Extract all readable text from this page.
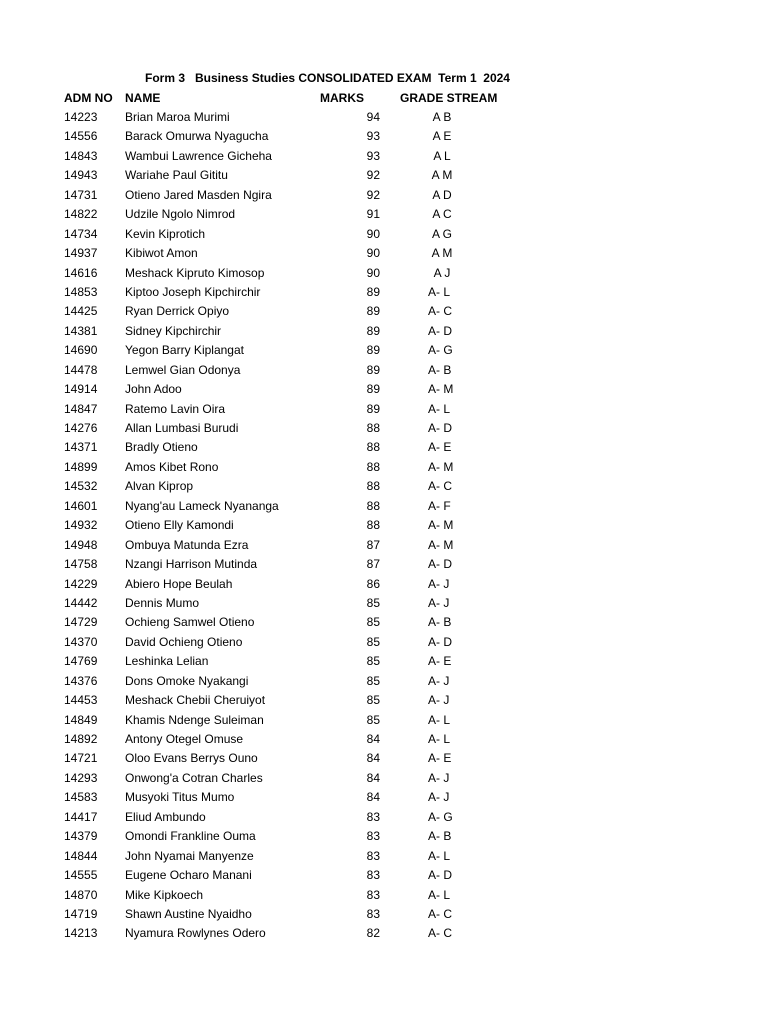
Form 3   Business Studies CONSOLIDATED EXAM  Term 1  2024
ADM NO NAME	MARKS	GRADE STREAM
14223 Brian Maroa Murimi	94	A B
14556 Barack Omurwa Nyagucha	93	A E
14843 Wambui Lawrence Gicheha	93	A L
14943 Wariahe Paul Gititu	92	A M
14731 Otieno Jared Masden Ngira	92	A D
14822 Udzile Ngolo Nimrod	91	A C
14734 Kevin Kiprotich	90	A G
14937 Kibiwot Amon	90	A M
14616 Meshack Kipruto Kimosop	90	A J
14853 Kiptoo Joseph Kipchirchir	89	A- L
14425 Ryan Derrick Opiyo	89	A- C
14381 Sidney Kipchirchir	89	A- D
14690 Yegon Barry Kiplangat	89	A- G
14478 Lemwel Gian Odonya	89	A- B
14914 John Adoo	89	A- M
14847 Ratemo Lavin Oira	89	A- L
14276 Allan Lumbasi Burudi	88	A- D
14371 Bradly Otieno	88	A- E
14899 Amos Kibet Rono	88	A- M
14532 Alvan Kiprop	88	A- C
14601 Nyang'au Lameck Nyananga	88	A- F
14932 Otieno Elly Kamondi	88	A- M
14948 Ombuya Matunda Ezra	87	A- M
14758 Nzangi Harrison Mutinda	87	A- D
14229 Abiero Hope Beulah	86	A- J
14442 Dennis Mumo	85	A- J
14729 Ochieng Samwel Otieno	85	A- B
14370 David Ochieng Otieno	85	A- D
14769 Leshinka Lelian	85	A- E
14376 Dons Omoke Nyakangi	85	A- J
14453 Meshack Chebii Cheruiyot	85	A- J
14849 Khamis Ndenge Suleiman	85	A- L
14892 Antony Otegel Omuse	84	A- L
14721 Oloo Evans Berrys Ouno	84	A- E
14293 Onwong'a Cotran Charles	84	A- J
14583 Musyoki Titus Mumo	84	A- J
14417 Eliud Ambundo	83	A- G
14379 Omondi Frankline Ouma	83	A- B
14844 John Nyamai Manyenze	83	A- L
14555 Eugene Ocharo Manani	83	A- D
14870 Mike Kipkoech	83	A- L
14719 Shawn Austine Nyaidho	83	A- C
14213 Nyamura Rowlynes Odero	82	A- C
